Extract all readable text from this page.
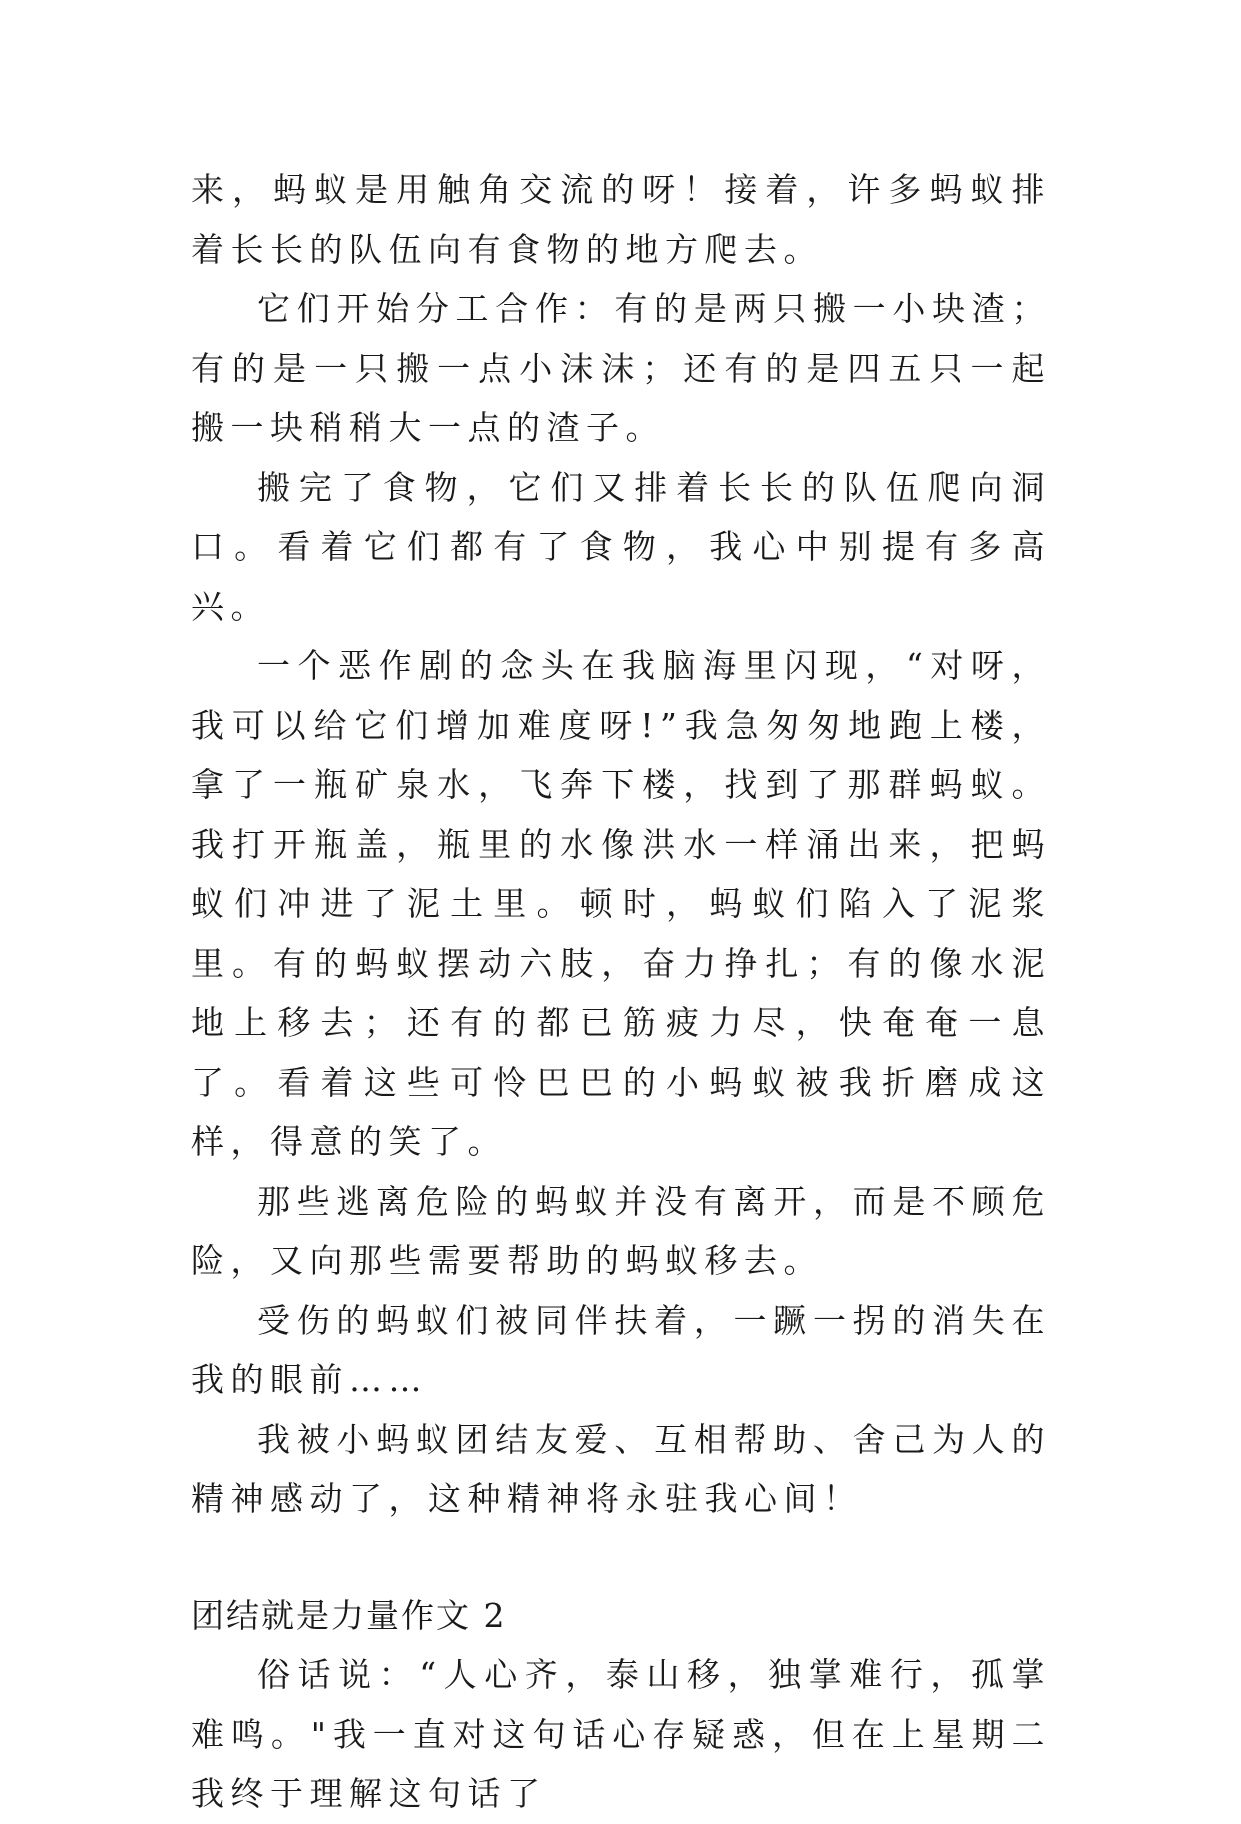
来，蚂蚁是用触角交流的呀！接着，许多蚂蚁排着长长的队伍向有食物的地方爬去。

它们开始分工合作：有的是两只搬一小块渣；有的是一只搬一点小沫沫；还有的是四五只一起搬一块稍稍大一点的渣子。

搬完了食物，它们又排着长长的队伍爬向洞口。看着它们都有了食物，我心中别提有多高兴。

一个恶作剧的念头在我脑海里闪现，“对呀，我可以给它们增加难度呀!”我急匆匆地跑上楼，拿了一瓶矿泉水，飞奔下楼，找到了那群蚂蚁。我打开瓶盖，瓶里的水像洪水一样涌出来，把蚂蚁们冲进了泥土里。顿时，蚂蚁们陷入了泥浆里。有的蚂蚁摆动六肢，奋力挣扎；有的像水泥地上移去；还有的都已筋疲力尽，快奄奄一息了。看着这些可怜巴巴的小蚂蚁被我折磨成这样，得意的笑了。

那些逃离危险的蚂蚁并没有离开，而是不顾危险，又向那些需要帮助的蚂蚁移去。

受伤的蚂蚁们被同伴扶着，一蹶一拐的消失在我的眼前……

我被小蚂蚁团结友爱、互相帮助、舍己为人的精神感动了，这种精神将永驻我心间！

团结就是力量作文 2

俗话说：“人心齐，泰山移，独掌难行，孤掌难鸣。"我一直对这句话心存疑惑，但在上星期二我终于理解这句话了
